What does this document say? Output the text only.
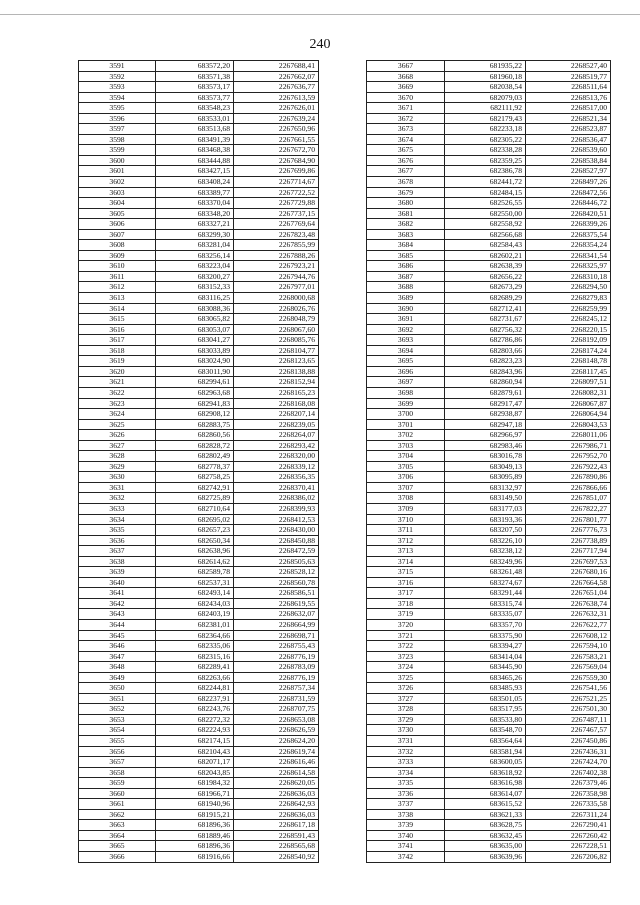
240
3591	683572,20	2267688,41
3592	683571,38	2267662,07
3593	683573,17	2267636,77
3594	683573,77	2267613,59
3595	683548,23	2267626,01
3596	683533,01	2267639,24
3597	683513,68	2267650,96
3598	683491,39	2267661,55
3599	683468,38	2267672,70
3600	683444,88	2267684,90
3601	683427,15	2267699,86
3602	683408,24	2267714,67
3603	683389,77	2267722,52
3604	683370,04	2267729,88
3605	683348,20	2267737,15
3606	683327,21	2267769,64
3607	683299,30	2267823,48
3608	683281,04	2267855,99
3609	683256,14	2267888,26
3610	683223,04	2267923,21
3611	683200,27	2267944,76
3612	683152,33	2267977,01
3613	683116,25	2268000,68
3614	683088,36	2268026,76
3615	683065,82	2268048,79
3616	683053,07	2268067,60
3617	683041,27	2268085,76
3618	683033,89	2268104,77
3619	683024,90	2268123,65
3620	683011,90	2268138,88
3621	682994,61	2268152,94
3622	682963,68	2268165,23
3623	682941,83	2268168,08
3624	682908,12	2268207,14
3625	682883,75	2268239,05
3626	682860,56	2268264,07
3627	682828,72	2268293,42
3628	682802,49	2268320,00
3629	682778,37	2268339,12
3630	682758,25	2268356,35
3631	682742,91	2268370,41
3632	682725,89	2268386,02
3633	682710,64	2268399,93
3634	682695,02	2268412,53
3635	682657,23	2268430,00
3636	682650,34	2268450,88
3637	682638,96	2268472,59
3638	682614,62	2268505,63
3639	682589,78	2268528,12
3640	682537,31	2268560,78
3641	682493,14	2268586,51
3642	682434,03	2268619,55
3643	682403,19	2268632,07
3644	682381,01	2268664,99
3645	682364,66	2268698,71
3646	682335,06	2268755,43
3647	682315,16	2268776,19
3648	682289,41	2268783,09
3649	682263,66	2268776,19
3650	682244,81	2268757,34
3651	682237,91	2268731,59
3652	682243,76	2268707,75
3653	682272,32	2268653,08
3654	682224,93	2268626,59
3655	682174,15	2268624,20
3656	682104,43	2268619,74
3657	682071,17	2268616,46
3658	682043,85	2268614,58
3659	681984,32	2268620,05
3660	681966,71	2268636,03
3661	681940,96	2268642,93
3662	681915,21	2268636,03
3663	681896,36	2268617,18
3664	681889,46	2268591,43
3665	681896,36	2268565,68
3666	681916,66	2268540,92
3667	681935,22	2268527,40
3668	681960,18	2268519,77
3669	682038,54	2268511,64
3670	682079,03	2268513,76
3671	682111,92	2268517,00
3672	682179,43	2268521,34
3673	682233,18	2268523,87
3674	682305,22	2268536,47
3675	682338,28	2268539,60
3676	682359,25	2268538,84
3677	682386,78	2268527,97
3678	682441,72	2268497,26
3679	682484,15	2268472,56
3680	682526,55	2268446,72
3681	682550,00	2268420,51
3682	682558,92	2268399,26
3683	682566,68	2268375,54
3684	682584,43	2268354,24
3685	682602,21	2268341,54
3686	682638,39	2268325,97
3687	682656,22	2268310,18
3688	682673,29	2268294,50
3689	682689,29	2268279,83
3690	682712,41	2268259,99
3691	682731,67	2268245,12
3692	682756,32	2268220,15
3693	682786,86	2268192,09
3694	682803,66	2268174,24
3695	682823,23	2268148,78
3696	682843,96	2268117,45
3697	682860,94	2268097,51
3698	682879,61	2268082,31
3699	682917,47	2268067,87
3700	682938,87	2268064,94
3701	682947,18	2268043,53
3702	682966,97	2268011,06
3703	682983,46	2267986,71
3704	683016,78	2267952,70
3705	683049,13	2267922,43
3706	683095,89	2267890,86
3707	683132,97	2267866,66
3708	683149,50	2267851,07
3709	683177,03	2267822,27
3710	683193,36	2267801,77
3711	683207,50	2267776,73
3712	683226,10	2267738,89
3713	683238,12	2267717,94
3714	683249,96	2267697,53
3715	683261,48	2267680,16
3716	683274,67	2267664,58
3717	683291,44	2267651,04
3718	683315,74	2267638,74
3719	683335,07	2267632,31
3720	683357,70	2267622,77
3721	683375,90	2267608,12
3722	683394,27	2267594,10
3723	683414,04	2267583,21
3724	683445,90	2267569,04
3725	683465,26	2267559,30
3726	683485,93	2267541,56
3727	683501,05	2267521,25
3728	683517,95	2267501,30
3729	683533,80	2267487,11
3730	683548,70	2267467,57
3731	683564,64	2267450,86
3732	683581,94	2267436,31
3733	683600,05	2267424,70
3734	683618,92	2267402,38
3735	683616,98	2267379,46
3736	683614,07	2267358,98
3737	683615,52	2267335,58
3738	683621,33	2267311,24
3739	683628,75	2267290,41
3740	683632,45	2267260,42
3741	683635,00	2267228,51
3742	683639,96	2267206,82
